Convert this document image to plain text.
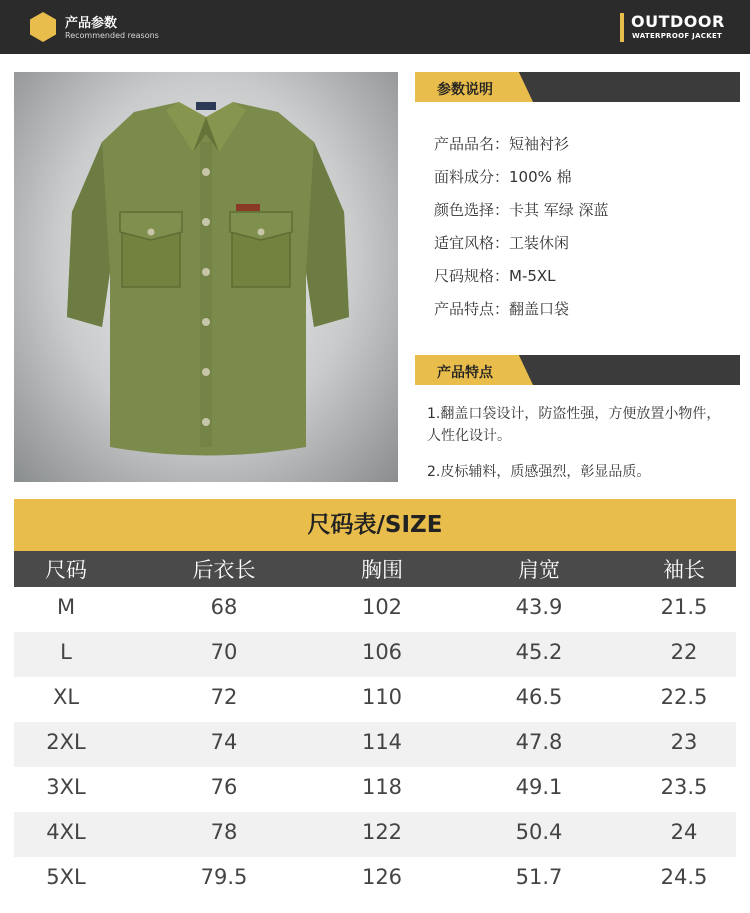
产品参数
Recommended reasons
OUTDOOR
WATERPROOF JACKET
参数说明
产品品名：短袖衬衫
面料成分：100% 棉
颜色选择：卡其 军绿 深蓝
适宜风格：工装休闲
尺码规格：M-5XL
产品特点：翻盖口袋
产品特点
1.翻盖口袋设计，防盗性强，方便放置小物件，人性化设计。
2.皮标辅料，质感强烈，彰显品质。
尺码表/SIZE
尺码	后衣长	胸围	肩宽	袖长
M	68	102	43.9	21.5
L	70	106	45.2	22
XL	72	110	46.5	22.5
2XL	74	114	47.8	23
3XL	76	118	49.1	23.5
4XL	78	122	50.4	24
5XL	79.5	126	51.7	24.5
